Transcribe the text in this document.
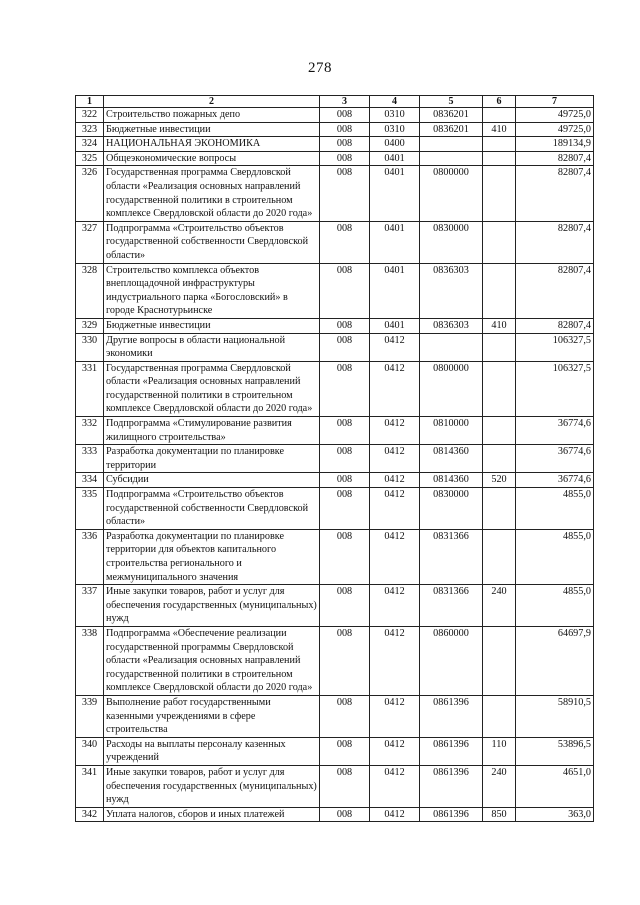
278
1	2	3	4	5	6	7
322	Строительство пожарных депо	008	0310	0836201		49725,0
323	Бюджетные инвестиции	008	0310	0836201	410	49725,0
324	НАЦИОНАЛЬНАЯ ЭКОНОМИКА	008	0400			189134,9
325	Общеэкономические вопросы	008	0401			82807,4
326	Государственная программа Свердловской области «Реализация основных направлений государственной политики в строительном комплексе Свердловской области до 2020 года»	008	0401	0800000		82807,4
327	Подпрограмма «Строительство объектов государственной собственности Свердловской области»	008	0401	0830000		82807,4
328	Строительство комплекса объектов внеплощадочной инфраструктуры индустриального парка «Богословский» в городе Краснотурьинске	008	0401	0836303		82807,4
329	Бюджетные инвестиции	008	0401	0836303	410	82807,4
330	Другие вопросы в области национальной экономики	008	0412			106327,5
331	Государственная программа Свердловской области «Реализация основных направлений государственной политики в строительном комплексе Свердловской области до 2020 года»	008	0412	0800000		106327,5
332	Подпрограмма «Стимулирование развития жилищного строительства»	008	0412	0810000		36774,6
333	Разработка документации по планировке территории	008	0412	0814360		36774,6
334	Субсидии	008	0412	0814360	520	36774,6
335	Подпрограмма «Строительство объектов государственной собственности Свердловской области»	008	0412	0830000		4855,0
336	Разработка документации по планировке территории для объектов капитального строительства регионального и межмуниципального значения	008	0412	0831366		4855,0
337	Иные закупки товаров, работ и услуг для обеспечения государственных (муниципальных) нужд	008	0412	0831366	240	4855,0
338	Подпрограмма «Обеспечение реализации государственной программы Свердловской области «Реализация основных направлений государственной политики в строительном комплексе Свердловской области до 2020 года»	008	0412	0860000		64697,9
339	Выполнение работ государственными казенными учреждениями в сфере строительства	008	0412	0861396		58910,5
340	Расходы на выплаты персоналу казенных учреждений	008	0412	0861396	110	53896,5
341	Иные закупки товаров, работ и услуг для обеспечения государственных (муниципальных) нужд	008	0412	0861396	240	4651,0
342	Уплата налогов, сборов и иных платежей	008	0412	0861396	850	363,0
